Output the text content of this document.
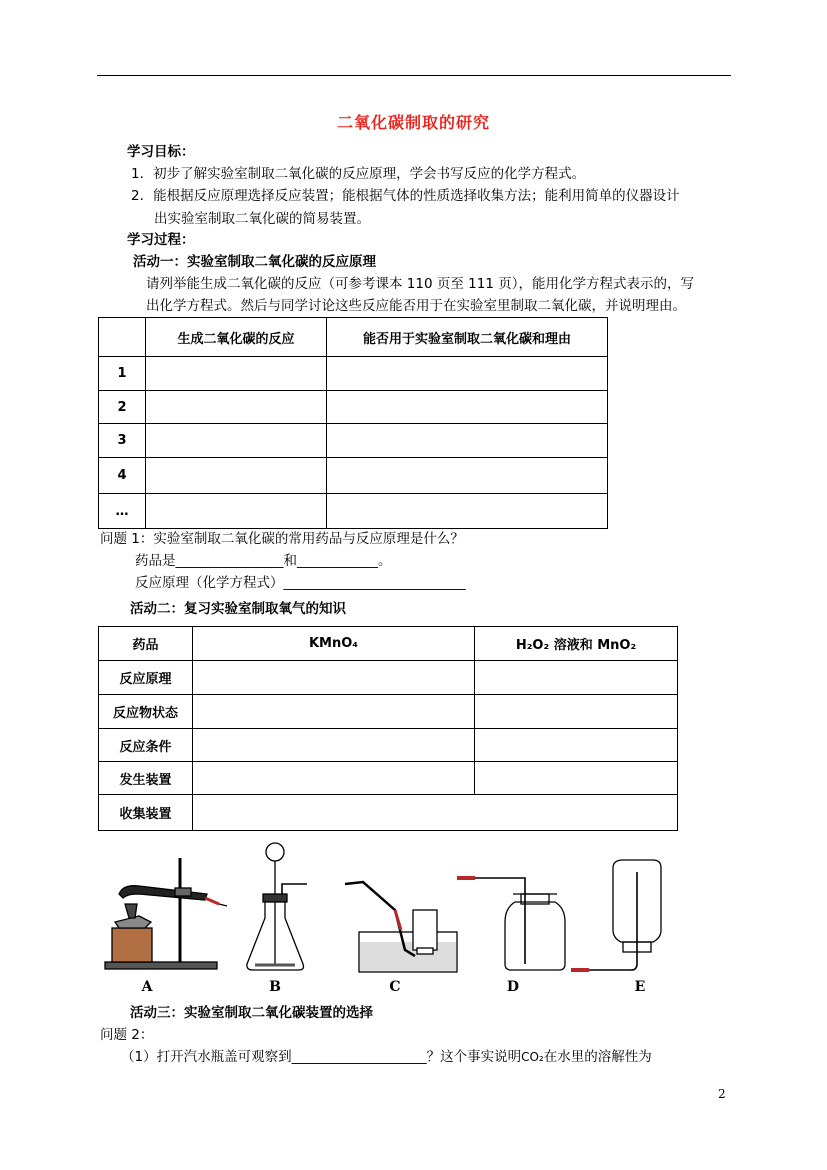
二氧化碳制取的研究
学习目标：
1．初步了解实验室制取二氧化碳的反应原理，学会书写反应的化学方程式。
2．能根据反应原理选择反应装置；能根据气体的性质选择收集方法；能利用简单的仪器设计
出实验室制取二氧化碳的简易装置。
学习过程：
活动一：实验室制取二氧化碳的反应原理
请列举能生成二氧化碳的反应（可参考课本 110 页至 111 页），能用化学方程式表示的，写
出化学方程式。然后与同学讨论这些反应能否用于在实验室里制取二氧化碳，并说明理由。
	生成二氧化碳的反应	能否用于实验室制取二氧化碳和理由
1		
2		
3		
4		
…		
问题 1：实验室制取二氧化碳的常用药品与反应原理是什么？
药品是________________和____________。
反应原理（化学方程式）___________________________
活动二：复习实验室制取氧气的知识
药品	KMnO₄	H₂O₂ 溶液和 MnO₂
反应原理		
反应物状态		
反应条件		
发生装置		
收集装置		
A	B	C	D	E
活动三：实验室制取二氧化碳装置的选择
问题 2：
（1）打开汽水瓶盖可观察到____________________？这个事实说明CO₂在水里的溶解性为
2
